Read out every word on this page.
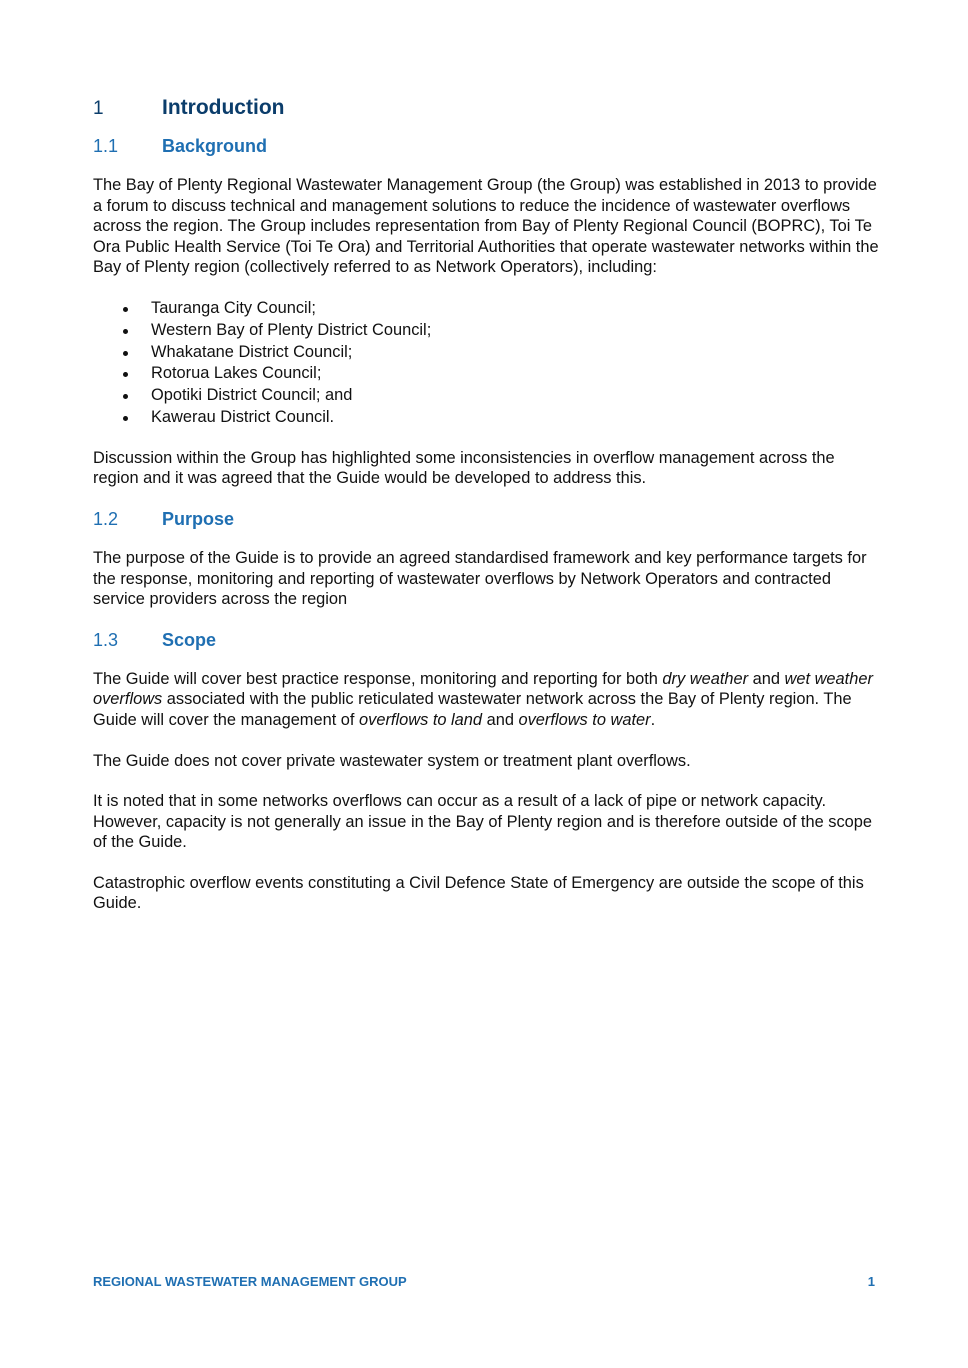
1	Introduction
1.1	Background

The Bay of Plenty Regional Wastewater Management Group (the Group) was established in 2013 to provide a forum to discuss technical and management solutions to reduce the incidence of wastewater overflows across the region. The Group includes representation from Bay of Plenty Regional Council (BOPRC), Toi Te Ora Public Health Service (Toi Te Ora) and Territorial Authorities that operate wastewater networks within the Bay of Plenty region (collectively referred to as Network Operators), including:

Tauranga City Council;
Western Bay of Plenty District Council;
Whakatane District Council;
Rotorua Lakes Council;
Opotiki District Council; and
Kawerau District Council.

Discussion within the Group has highlighted some inconsistencies in overflow management across the region and it was agreed that the Guide would be developed to address this.

1.2	Purpose

The purpose of the Guide is to provide an agreed standardised framework and key performance targets for the response, monitoring and reporting of wastewater overflows by Network Operators and contracted service providers across the region

1.3	Scope

The Guide will cover best practice response, monitoring and reporting for both dry weather and wet weather overflows associated with the public reticulated wastewater network across the Bay of Plenty region. The Guide will cover the management of overflows to land and overflows to water.

The Guide does not cover private wastewater system or treatment plant overflows.

It is noted that in some networks overflows can occur as a result of a lack of pipe or network capacity. However, capacity is not generally an issue in the Bay of Plenty region and is therefore outside of the scope of the Guide.

Catastrophic overflow events constituting a Civil Defence State of Emergency are outside the scope of this Guide.

REGIONAL WASTEWATER MANAGEMENT GROUP	1
